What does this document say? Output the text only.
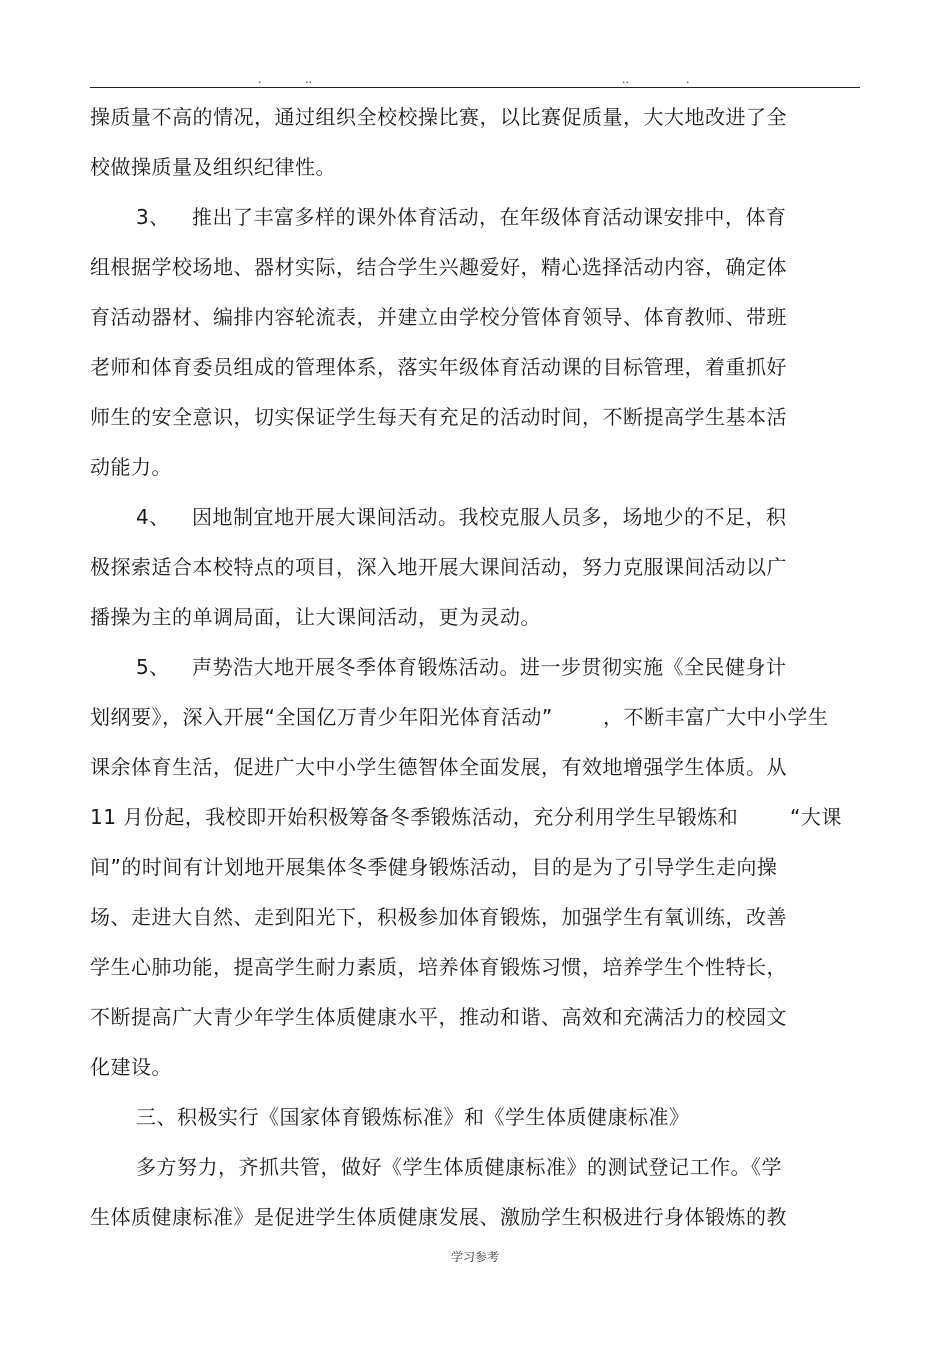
.	..	..	.
操质量不高的情况，通过组织全校校操比赛，以比赛促质量，大大地改进了全
校做操质量及组织纪律性。
3、 推出了丰富多样的课外体育活动，在年级体育活动课安排中，体育
组根据学校场地、器材实际，结合学生兴趣爱好，精心选择活动内容，确定体
育活动器材、编排内容轮流表，并建立由学校分管体育领导、体育教师、带班
老师和体育委员组成的管理体系，落实年级体育活动课的目标管理，着重抓好
师生的安全意识，切实保证学生每天有充足的活动时间，不断提高学生基本活
动能力。
4、 因地制宜地开展大课间活动。我校克服人员多，场地少的不足，积
极探索适合本校特点的项目，深入地开展大课间活动，努力克服课间活动以广
播操为主的单调局面，让大课间活动，更为灵动。
5、 声势浩大地开展冬季体育锻炼活动。进一步贯彻实施《全民健身计
划纲要》，深入开展“全国亿万青少年阳光体育活动”	，不断丰富广大中小学生
课余体育生活，促进广大中小学生德智体全面发展，有效地增强学生体质。从
11 月份起，我校即开始积极筹备冬季锻炼活动，充分利用学生早锻炼和	“大课
间”的时间有计划地开展集体冬季健身锻炼活动，目的是为了引导学生走向操
场、走进大自然、走到阳光下，积极参加体育锻炼，加强学生有氧训练，改善
学生心肺功能，提高学生耐力素质，培养体育锻炼习惯，培养学生个性特长，
不断提高广大青少年学生体质健康水平，推动和谐、高效和充满活力的校园文
化建设。
三、积极实行《国家体育锻炼标准》和《学生体质健康标准》
多方努力，齐抓共管，做好《学生体质健康标准》的测试登记工作。《学
生体质健康标准》是促进学生体质健康发展、激励学生积极进行身体锻炼的教
学习参考
